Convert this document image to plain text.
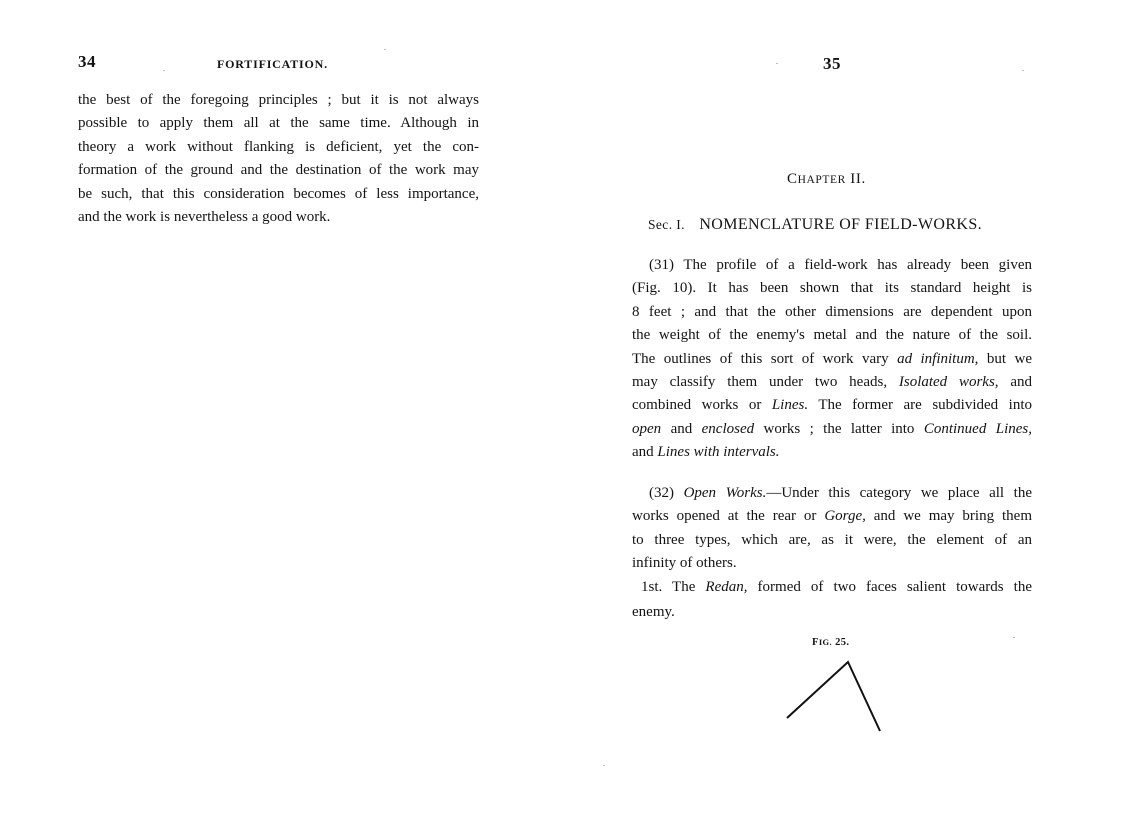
34	FORTIFICATION.
the best of the foregoing principles ; but it is not always
possible to apply them all at the same time. Although in
theory a work without flanking is deficient, yet the con-
formation of the ground and the destination of the work may
be such, that this consideration becomes of less importance,
and the work is nevertheless a good work.
35
CHAPTER II.
Sec. I. NOMENCLATURE OF FIELD-WORKS.
(31) The profile of a field-work has already been given
(Fig. 10). It has been shown that its standard height is
8 feet ; and that the other dimensions are dependent upon
the weight of the enemy's metal and the nature of the soil.
The outlines of this sort of work vary ad infinitum, but we
may classify them under two heads, Isolated works, and
combined works or Lines. The former are subdivided into
open and enclosed works ; the latter into Continued Lines,
and Lines with intervals.
(32) Open Works.—Under this category we place all the
works opened at the rear or Gorge, and we may bring them
to three types, which are, as it were, the element of an
infinity of others.
1st. The Redan, formed of two faces salient towards the
enemy.
FIG. 25.
